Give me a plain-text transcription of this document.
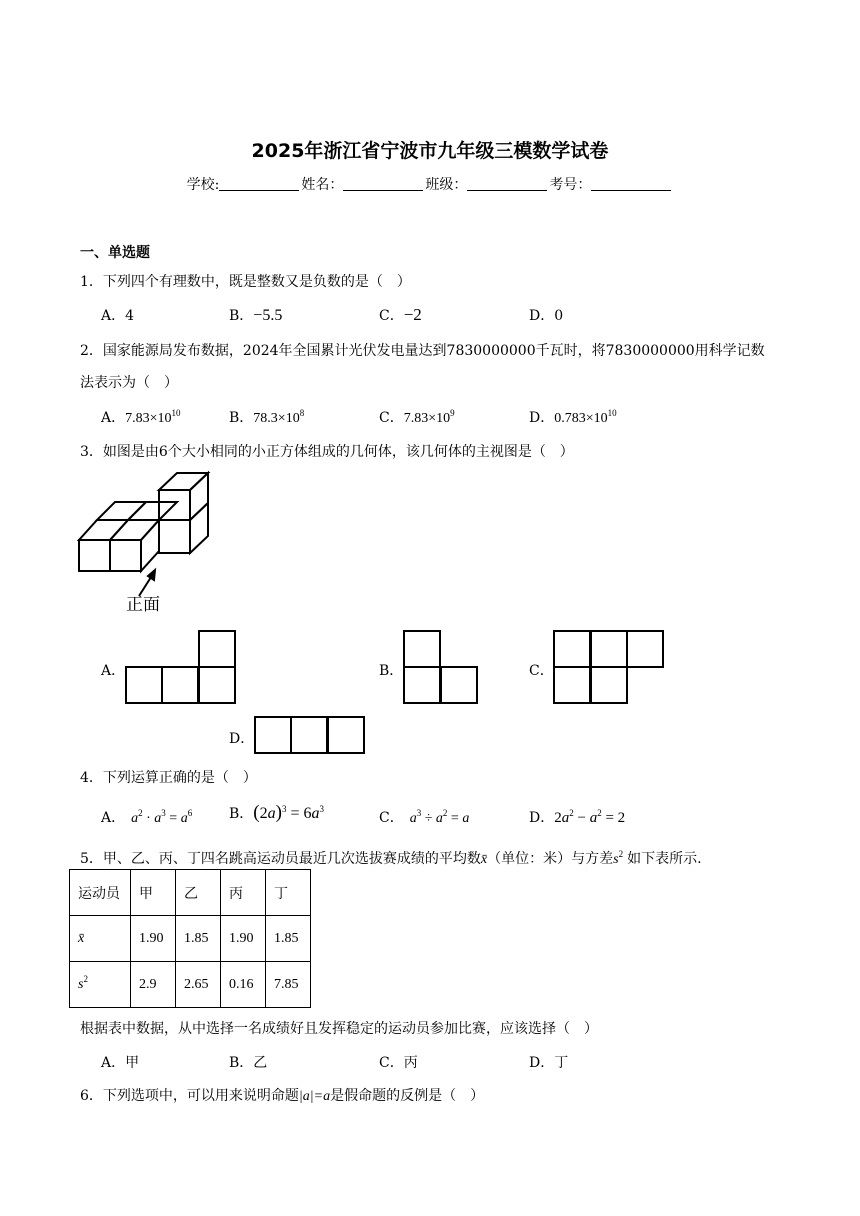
2025年浙江省宁波市九年级三模数学试卷
学校:	姓名：	班级：	考号：
一、单选题
1．下列四个有理数中，既是整数又是负数的是（　）
A．4	B．−5.5	C．−2	D．0
2．国家能源局发布数据，2024年全国累计光伏发电量达到7830000000千瓦时，将7830000000用科学记数
法表示为（　）
A．$7.83\times 10^{10}$	B．$78.3\times 10^8$	C．$7.83\times 10^9$	D．$0.783\times 10^{10}$
3．如图是由6个大小相同的小正方体组成的几何体，该几何体的主视图是（　）
正面
A．	B．	C．
D．
4．下列运算正确的是（　）
A． $a^2 \cdot a^3 = a^6$	B．$(2a)^3 = 6a^3$
C． $a^3 \div a^2 = a$	D．$2a^2 - a^2 = 2$
5．甲、乙、丙、丁四名跳高运动员最近几次选拔赛成绩的平均数x̄（单位：米）与方差$s^2$ 如下表所示.
运动员	甲	乙	丙	丁
x̄	1.90	1.85	1.90	1.85
$s^2$	2.9	2.65	0.16	7.85
根据表中数据，从中选择一名成绩好且发挥稳定的运动员参加比赛，应该选择（　）
A．甲	B．乙	C．丙	D．丁
6．下列选项中，可以用来说明命题|a|=a是假命题的反例是（　）
